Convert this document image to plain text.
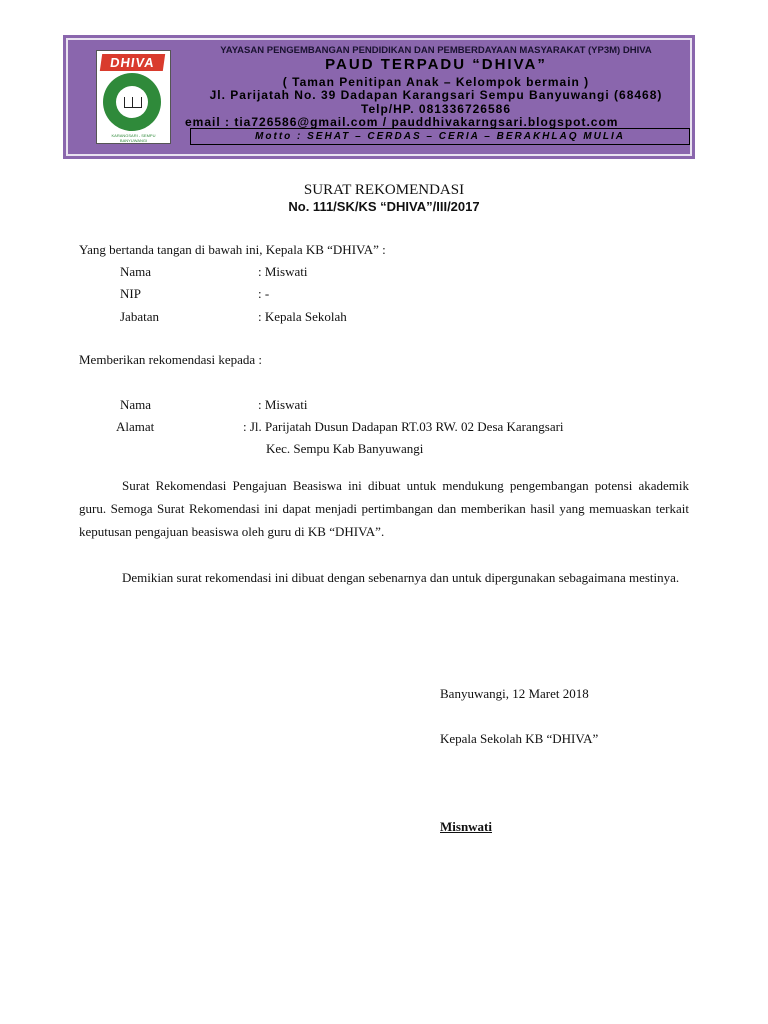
DHIVA
KARANGSARI - SEMPU BANYUWANGI
YAYASAN PENGEMBANGAN PENDIDIKAN DAN PEMBERDAYAAN MASYARAKAT (YP3M) DHIVA
PAUD TERPADU “DHIVA”
( Taman Penitipan Anak – Kelompok bermain )
Jl. Parijatah No. 39 Dadapan Karangsari Sempu Banyuwangi (68468)
Telp/HP. 081336726586
email : tia726586@gmail.com / pauddhivakarngsari.blogspot.com
Motto : SEHAT – CERDAS – CERIA – BERAKHLAQ MULIA
SURAT REKOMENDASI
No. 111/SK/KS “DHIVA”/III/2017
Yang bertanda tangan di bawah ini, Kepala KB “DHIVA” :
Nama	: Miswati
NIP	: -
Jabatan	: Kepala Sekolah
Memberikan rekomendasi kepada :
Nama	: Miswati
Alamat	: Jl. Parijatah Dusun Dadapan RT.03 RW. 02 Desa Karangsari
Kec. Sempu Kab Banyuwangi
Surat Rekomendasi Pengajuan Beasiswa ini dibuat untuk mendukung pengembangan potensi akademik guru. Semoga Surat Rekomendasi ini dapat menjadi pertimbangan dan memberikan hasil yang memuaskan terkait keputusan pengajuan beasiswa oleh guru di KB “DHIVA”.
Demikian surat rekomendasi ini dibuat dengan sebenarnya dan untuk dipergunakan sebagaimana mestinya.
Banyuwangi, 12 Maret 2018
Kepala Sekolah KB “DHIVA”
Misnwati
